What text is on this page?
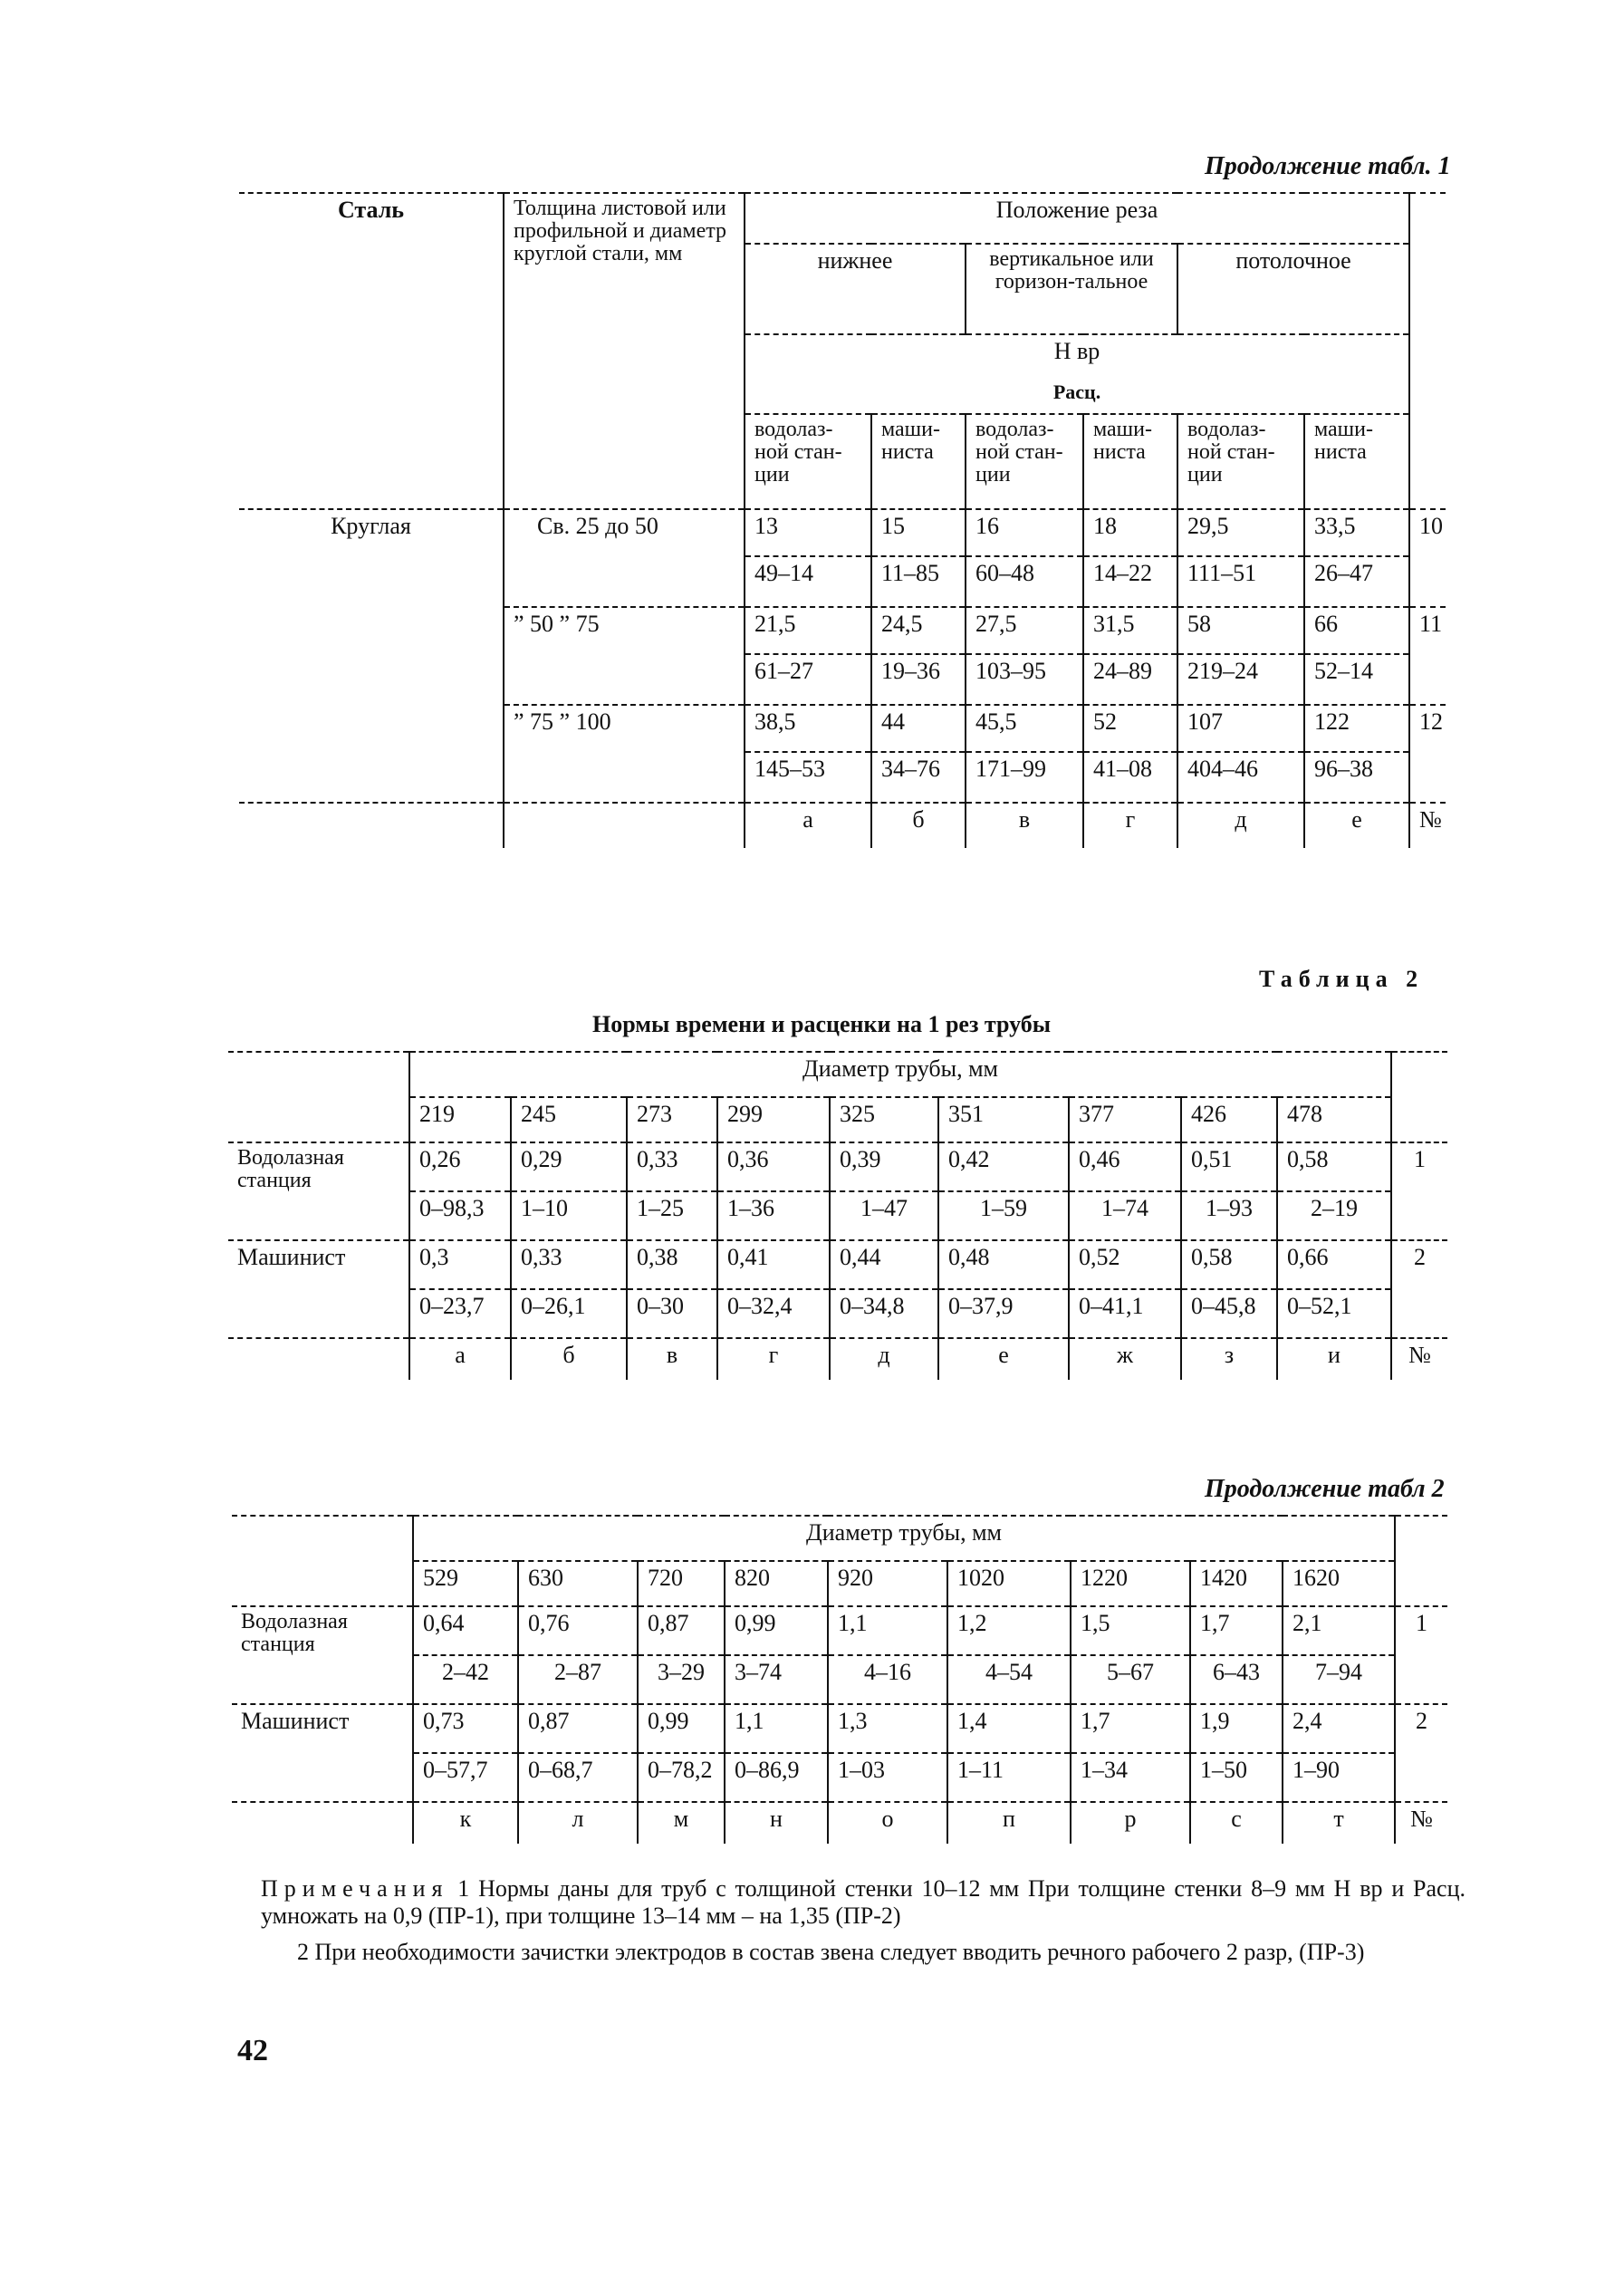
Продолжение табл. 1
Сталь	Толщина листовой или профильной и диаметр круглой стали, мм	Положение реза						
		нижнее		вертикальное или горизон-тальное		потолочное		
		Н вр						
		Расц.						
		водолаз-ной стан-ции	маши-ниста	водолаз-ной стан-ции	маши-ниста	водолаз-ной стан-ции	маши-ниста	

Круглая	Св. 25 до 50	13	15	16	18	29,5	33,5	10
		49–14	11–85	60–48	14–22	111–51	26–47	
	” 50 ” 75	21,5	24,5	27,5	31,5	58	66	11
		61–27	19–36	103–95	24–89	219–24	52–14	
	” 75 ” 100	38,5	44	45,5	52	107	122	12
		145–53	34–76	171–99	41–08	404–46	96–38	
		а	б	в	г	д	е	№
Таблица 2
Нормы времени и расценки на 1 рез трубы
	Диаметр трубы, мм									
	219	245	273	299	325	351	377	426	478	
Водолазная станция	0,26	0,29	0,33	0,36	0,39	0,42	0,46	0,51	0,58	1
	0–98,3	1–10	1–25	1–36	1–47	1–59	1–74	1–93	2–19	
Машинист	0,3	0,33	0,38	0,41	0,44	0,48	0,52	0,58	0,66	2
	0–23,7	0–26,1	0–30	0–32,4	0–34,8	0–37,9	0–41,1	0–45,8	0–52,1	
	а	б	в	г	д	е	ж	з	и	№
Продолжение табл 2
	Диаметр трубы, мм									
	529	630	720	820	920	1020	1220	1420	1620	
Водолазная станция	0,64	0,76	0,87	0,99	1,1	1,2	1,5	1,7	2,1	1
	2–42	2–87	3–29	3–74	4–16	4–54	5–67	6–43	7–94	
Машинист	0,73	0,87	0,99	1,1	1,3	1,4	1,7	1,9	2,4	2
	0–57,7	0–68,7	0–78,2	0–86,9	1–03	1–11	1–34	1–50	1–90	
	к	л	м	н	о	п	р	с	т	№
Примечания 1 Нормы даны для труб с толщиной стенки 10–12 мм При толщине стенки 8–9 мм Н вр и Расц. умножать на 0,9 (ПР-1), при толщине 13–14 мм – на 1,35 (ПР-2)
2 При необходимости зачистки электродов в состав звена следует вводить речного рабочего 2 разр, (ПР-3)
42
